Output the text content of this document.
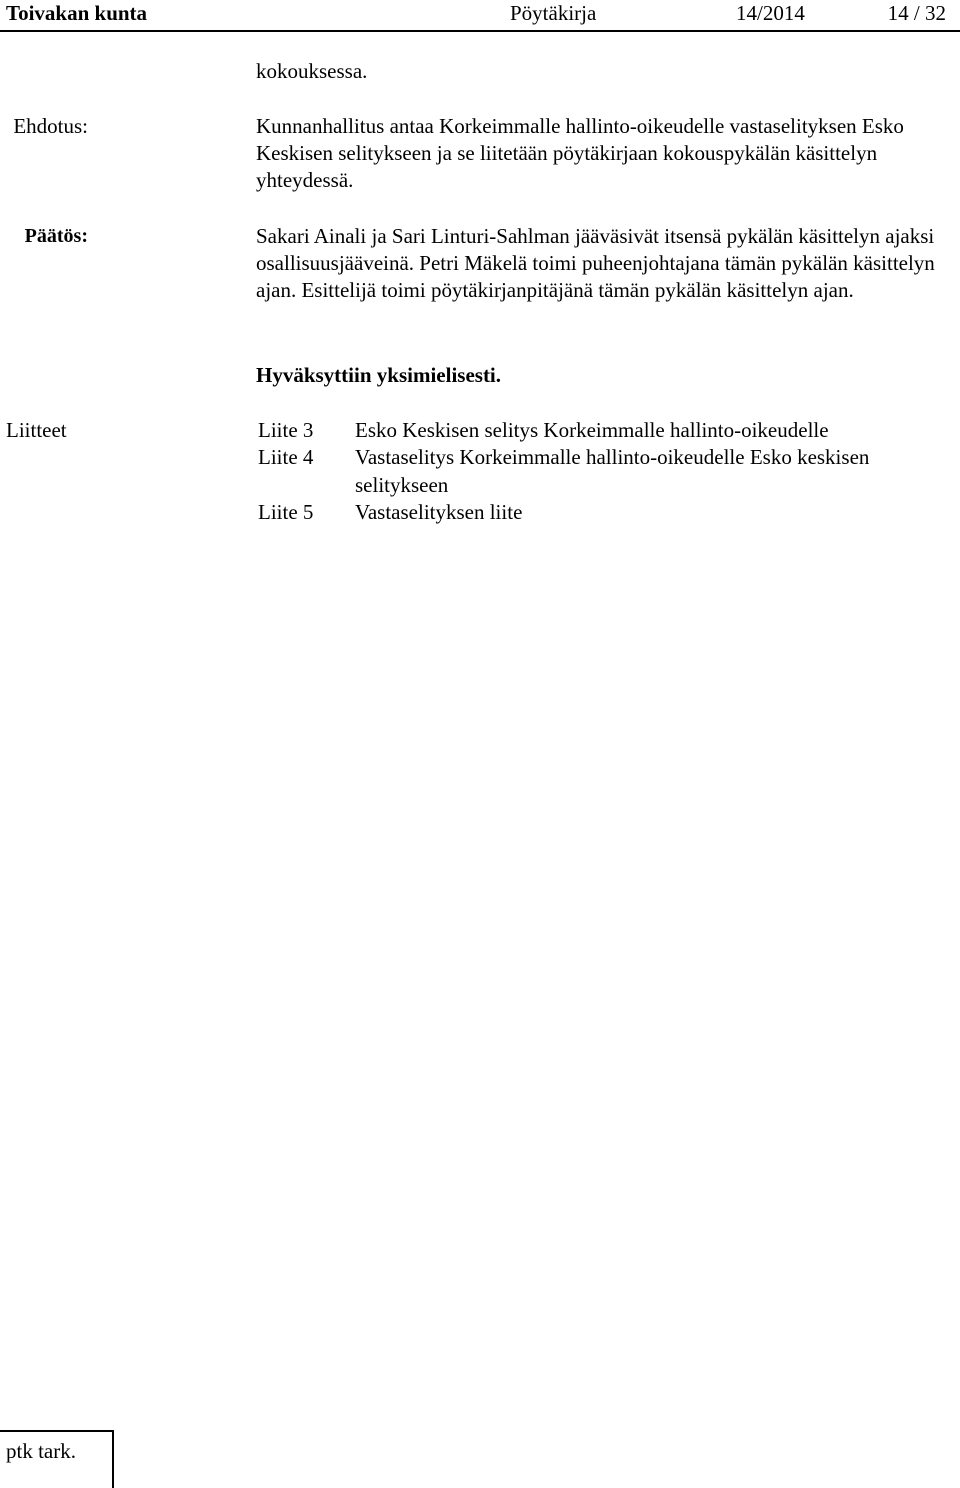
Toivakan kunta	Pöytäkirja	14/2014	14 / 32
kokouksessa.
Ehdotus:	Kunnanhallitus antaa Korkeimmalle hallinto-oikeudelle vastaselityksen Esko Keskisen selitykseen ja se liitetään pöytäkirjaan kokouspykälän käsittelyn yhteydessä.
Päätös:	Sakari Ainali ja Sari Linturi-Sahlman jääväsivät itsensä pykälän käsittelyn ajaksi osallisuusjääveinä. Petri Mäkelä toimi puheenjohtajana tämän pykälän käsittelyn ajan. Esittelijä toimi pöytäkirjanpitäjänä tämän pykälän käsittelyn ajan.
Hyväksyttiin yksimielisesti.
Liitteet	Liite 3 Esko Keskisen selitys Korkeimmalle hallinto-oikeudelle
Liite 4 Vastaselitys Korkeimmalle hallinto-oikeudelle Esko keskisen selitykseen
Liite 5 Vastaselityksen liite
ptk tark.
